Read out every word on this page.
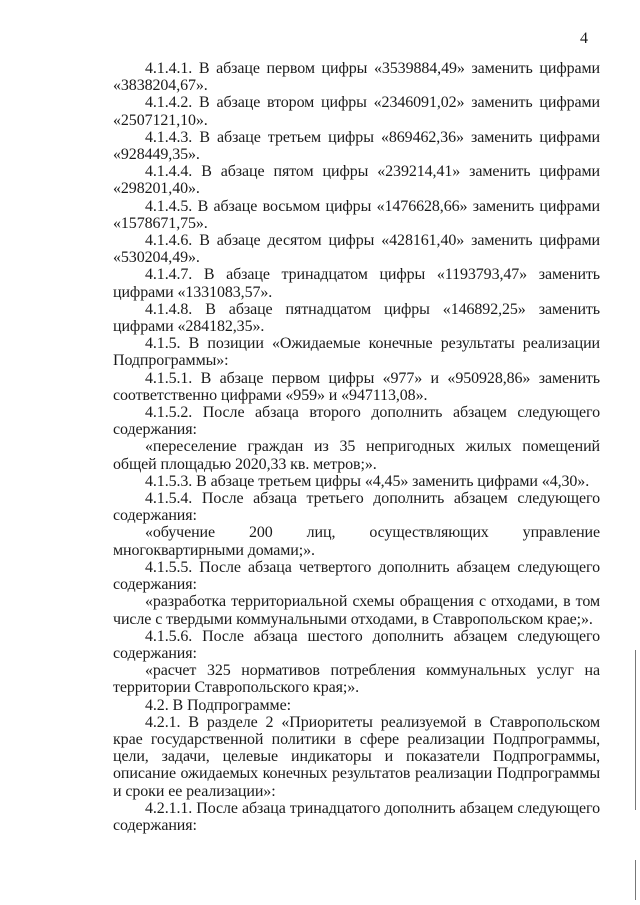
4

4.1.4.1. В абзаце первом цифры «3539884,49» заменить цифрами «3838204,67».

4.1.4.2. В абзаце втором цифры «2346091,02» заменить цифрами «2507121,10».

4.1.4.3. В абзаце третьем цифры «869462,36» заменить цифрами «928449,35».

4.1.4.4. В абзаце пятом цифры «239214,41» заменить цифрами «298201,40».

4.1.4.5. В абзаце восьмом цифры «1476628,66» заменить цифрами «1578671,75».

4.1.4.6. В абзаце десятом цифры «428161,40» заменить цифрами «530204,49».

4.1.4.7. В абзаце тринадцатом цифры «1193793,47» заменить цифрами «1331083,57».

4.1.4.8. В абзаце пятнадцатом цифры «146892,25» заменить цифрами «284182,35».

4.1.5. В позиции «Ожидаемые конечные результаты реализации Подпрограммы»:

4.1.5.1. В абзаце первом цифры «977» и «950928,86» заменить соответственно цифрами «959» и «947113,08».

4.1.5.2. После абзаца второго дополнить абзацем следующего содержания:

«переселение граждан из 35 непригодных жилых помещений общей площадью 2020,33 кв. метров;».

4.1.5.3. В абзаце третьем цифры «4,45» заменить цифрами «4,30».

4.1.5.4. После абзаца третьего дополнить абзацем следующего содержания:

«обучение 200 лиц, осуществляющих управление многоквартирными домами;».

4.1.5.5. После абзаца четвертого дополнить абзацем следующего содержания:

«разработка территориальной схемы обращения с отходами, в том числе с твердыми коммунальными отходами, в Ставропольском крае;».

4.1.5.6. После абзаца шестого дополнить абзацем следующего содержания:

«расчет 325 нормативов потребления коммунальных услуг на территории Ставропольского края;».

4.2. В Подпрограмме:

4.2.1. В разделе 2 «Приоритеты реализуемой в Ставропольском крае государственной политики в сфере реализации Подпрограммы, цели, задачи, целевые индикаторы и показатели Подпрограммы, описание ожидаемых конечных результатов реализации Подпрограммы и сроки ее реализации»:

4.2.1.1. После абзаца тринадцатого дополнить абзацем следующего содержания:
